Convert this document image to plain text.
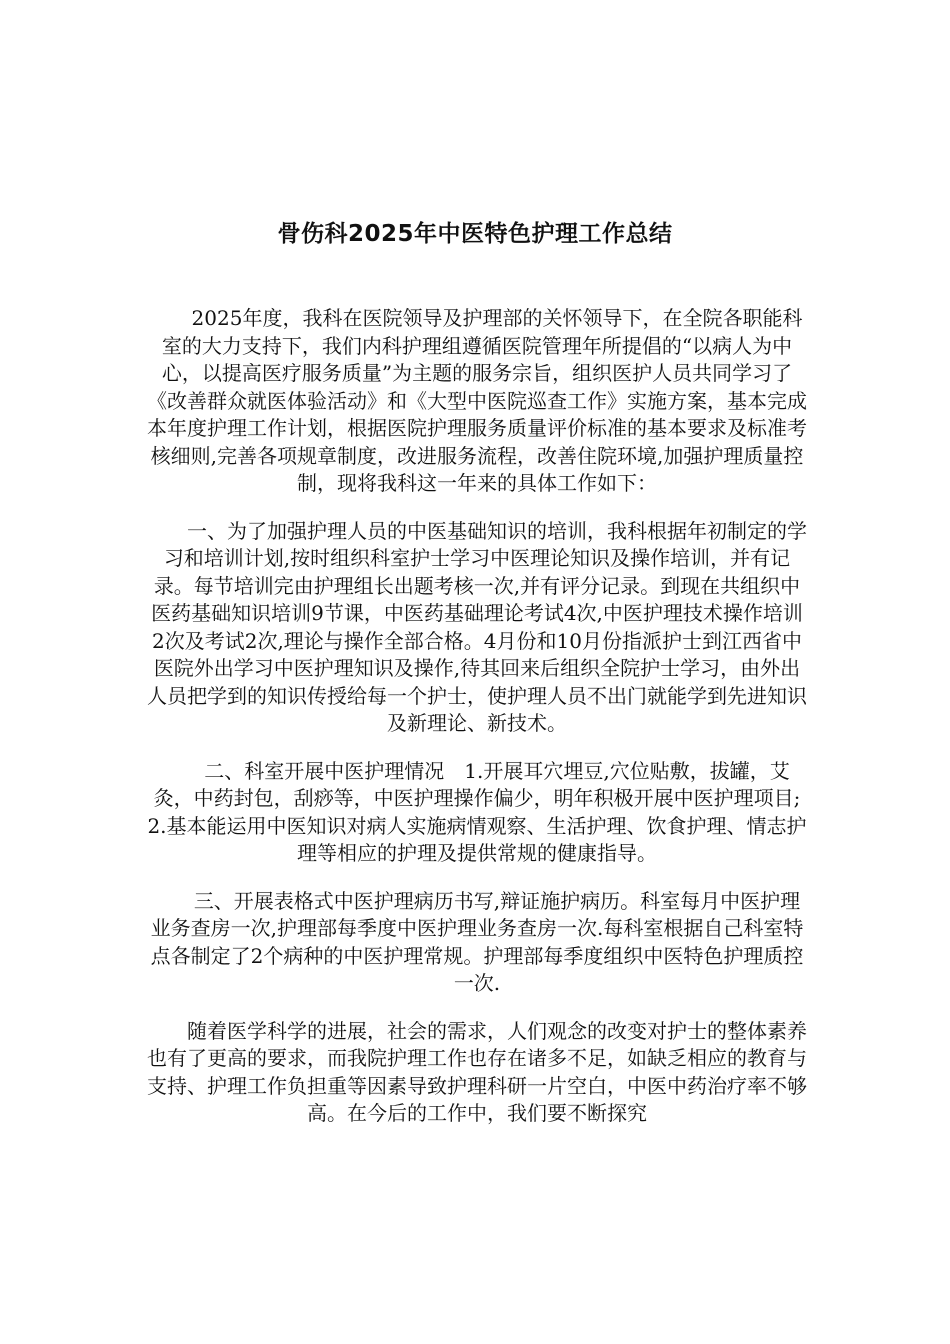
骨伤科2025年中医特色护理工作总结

2025年度，我科在医院领导及护理部的关怀领导下，在全院各职能科室的大力支持下，我们内科护理组遵循医院管理年所提倡的“以病人为中心，以提高医疗服务质量”为主题的服务宗旨，组织医护人员共同学习了《改善群众就医体验活动》和《大型中医院巡查工作》实施方案，基本完成本年度护理工作计划，根据医院护理服务质量评价标准的基本要求及标准考核细则,完善各项规章制度，改进服务流程，改善住院环境,加强护理质量控制，现将我科这一年来的具体工作如下：

一、为了加强护理人员的中医基础知识的培训，我科根据年初制定的学习和培训计划,按时组织科室护士学习中医理论知识及操作培训，并有记录。每节培训完由护理组长出题考核一次,并有评分记录。到现在共组织中医药基础知识培训9节课，中医药基础理论考试4次,中医护理技术操作培训2次及考试2次,理论与操作全部合格。4月份和10月份指派护士到江西省中医院外出学习中医护理知识及操作,待其回来后组织全院护士学习，由外出人员把学到的知识传授给每一个护士，使护理人员不出门就能学到先进知识及新理论、新技术。

二、科室开展中医护理情况　1.开展耳穴埋豆,穴位贴敷，拔罐，艾灸，中药封包，刮痧等，中医护理操作偏少，明年积极开展中医护理项目;2.基本能运用中医知识对病人实施病情观察、生活护理、饮食护理、情志护理等相应的护理及提供常规的健康指导。

三、开展表格式中医护理病历书写,辩证施护病历。科室每月中医护理业务查房一次,护理部每季度中医护理业务查房一次.每科室根据自己科室特点各制定了2个病种的中医护理常规。护理部每季度组织中医特色护理质控一次.

随着医学科学的进展，社会的需求，人们观念的改变对护士的整体素养也有了更高的要求，而我院护理工作也存在诸多不足，如缺乏相应的教育与支持、护理工作负担重等因素导致护理科研一片空白，中医中药治疗率不够高。在今后的工作中，我们要不断探究
